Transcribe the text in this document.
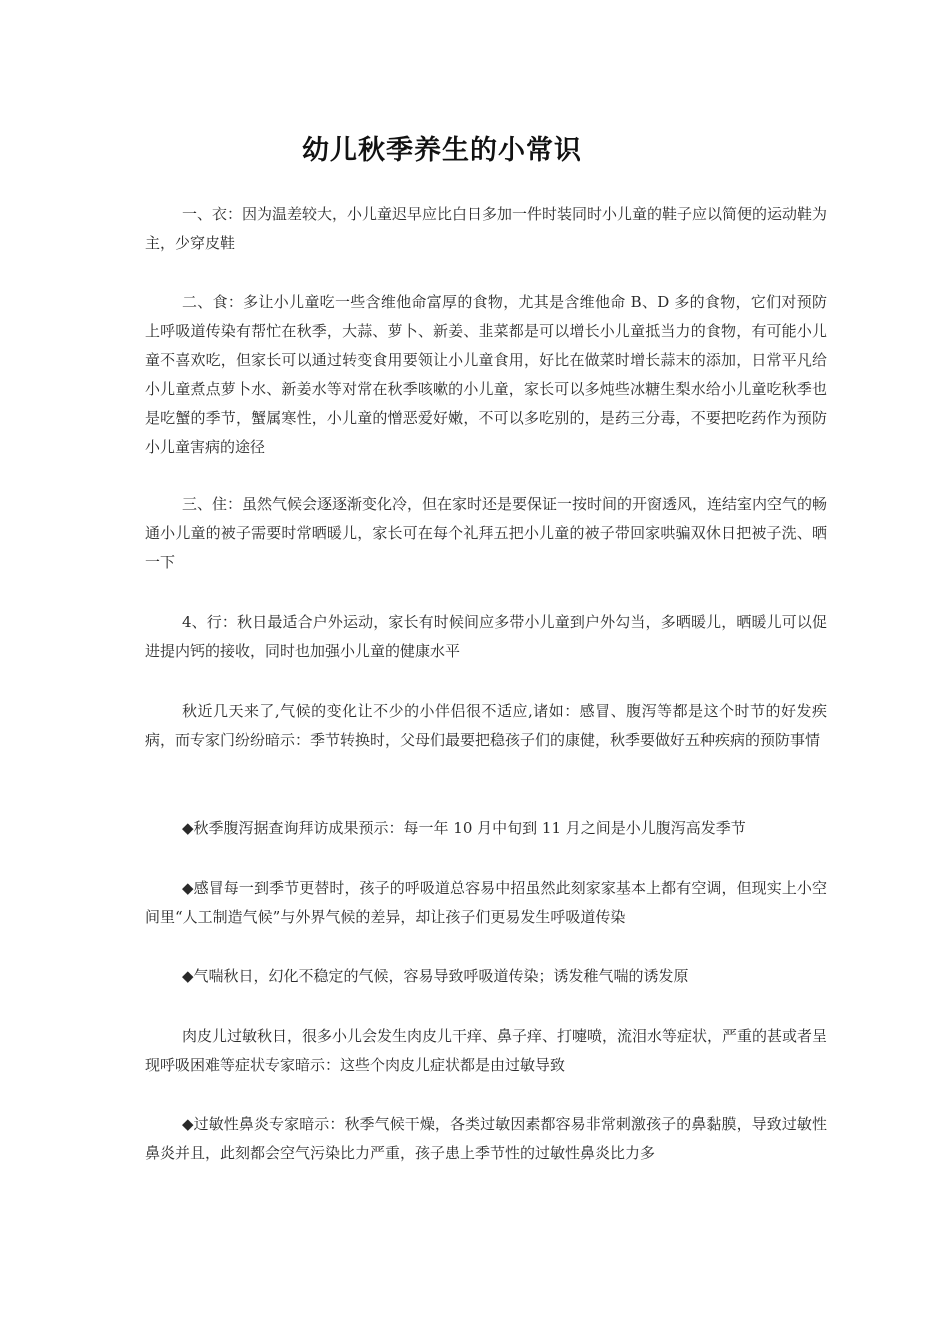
幼儿秋季养生的小常识

一、衣：因为温差较大，小儿童迟早应比白日多加一件时装同时小儿童的鞋子应以简便的运动鞋为主，少穿皮鞋

二、食：多让小儿童吃一些含维他命富厚的食物，尤其是含维他命 B、D 多的食物，它们对预防上呼吸道传染有帮忙在秋季，大蒜、萝卜、新姜、韭菜都是可以增长小儿童抵当力的食物，有可能小儿童不喜欢吃，但家长可以通过转变食用要领让小儿童食用，好比在做菜时增长蒜末的添加，日常平凡给小儿童煮点萝卜水、新姜水等对常在秋季咳嗽的小儿童，家长可以多炖些冰糖生梨水给小儿童吃秋季也是吃蟹的季节，蟹属寒性，小儿童的憎恶爱好嫩，不可以多吃别的，是药三分毒，不要把吃药作为预防小儿童害病的途径

三、住：虽然气候会逐逐渐变化冷，但在家时还是要保证一按时间的开窗透风，连结室内空气的畅通小儿童的被子需要时常晒暖儿，家长可在每个礼拜五把小儿童的被子带回家哄骗双休日把被子洗、晒一下

4、行：秋日最适合户外运动，家长有时候间应多带小儿童到户外勾当，多晒暖儿，晒暖儿可以促进提内钙的接收，同时也加强小儿童的健康水平

秋近几天来了,气候的变化让不少的小伴侣很不适应,诸如：感冒、腹泻等都是这个时节的好发疾病，而专家门纷纷暗示：季节转换时，父母们最要把稳孩子们的康健，秋季要做好五种疾病的预防事情

◆秋季腹泻据查询拜访成果预示：每一年 10 月中旬到 11 月之间是小儿腹泻高发季节

◆感冒每一到季节更替时，孩子的呼吸道总容易中招虽然此刻家家基本上都有空调，但现实上小空间里“人工制造气候”与外界气候的差异，却让孩子们更易发生呼吸道传染

◆气喘秋日，幻化不稳定的气候，容易导致呼吸道传染；诱发稚气喘的诱发原

肉皮儿过敏秋日，很多小儿会发生肉皮儿干痒、鼻子痒、打嚏喷，流泪水等症状，严重的甚或者呈现呼吸困难等症状专家暗示：这些个肉皮儿症状都是由过敏导致

◆过敏性鼻炎专家暗示：秋季气候干燥，各类过敏因素都容易非常刺激孩子的鼻黏膜，导致过敏性鼻炎并且，此刻都会空气污染比力严重，孩子患上季节性的过敏性鼻炎比力多
